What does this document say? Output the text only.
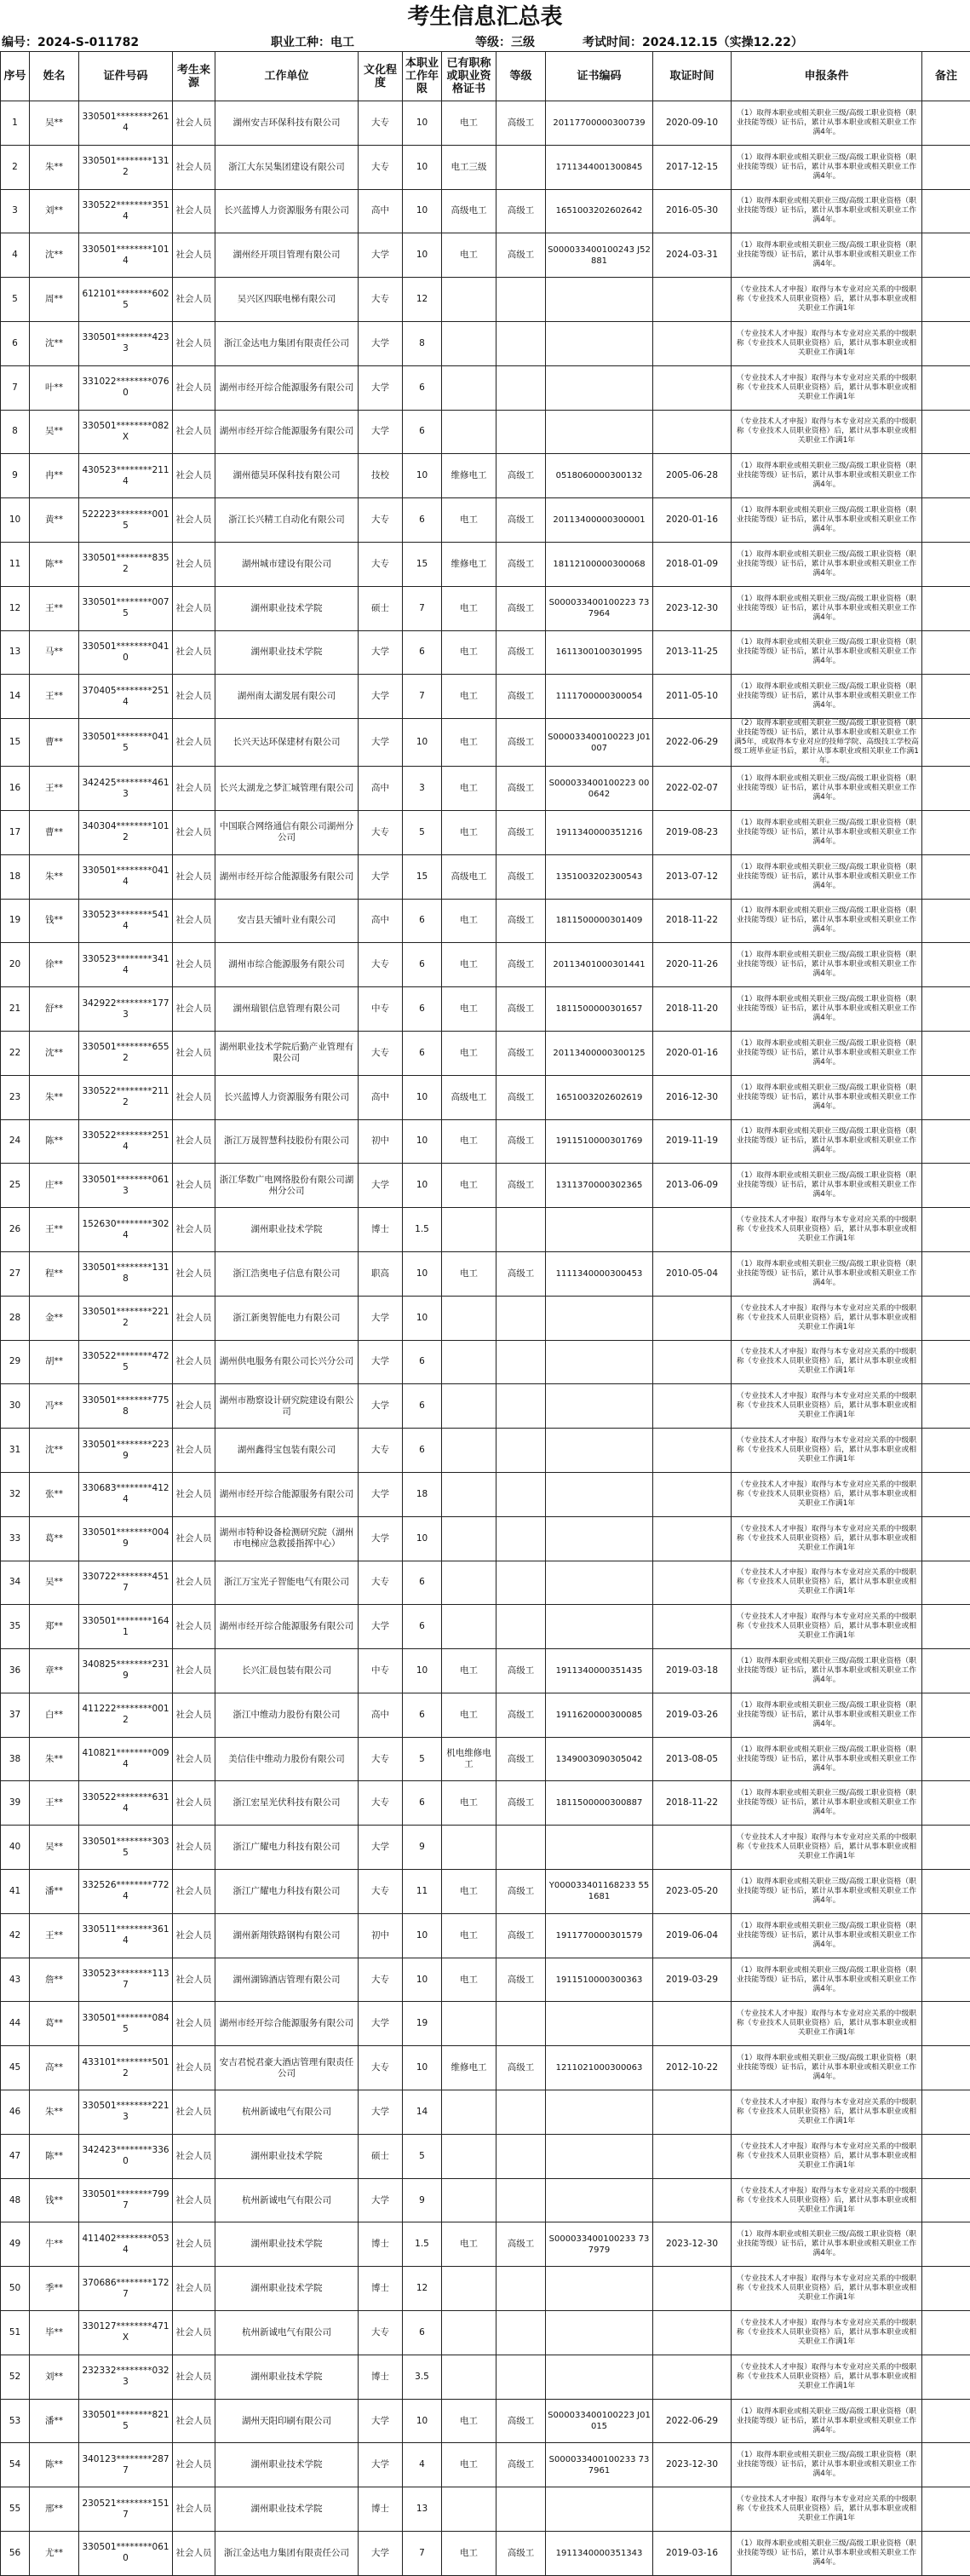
考生信息汇总表
编号：2024-S-011782	职业工种：电工	等级：三级	考试时间：2024.12.15（实操12.22）
序号	姓名	证件号码	考生来源	工作单位	文化程度	本职业工作年限	已有职称或职业资格证书	等级	证书编码	取证时间	申报条件	备注
1	吴**	330501********2614	社会人员	湖州安吉环保科技有限公司	大专	10	电工	高级工	20117700000300739	2020-09-10	（1）取得本职业或相关职业三级/高级工职业资格（职业技能等级）证书后，累计从事本职业或相关职业工作满4年。	
2	朱**	330501********1312	社会人员	浙江大东吴集团建设有限公司	大专	10	电工三级		1711344001300845	2017-12-15	（1）取得本职业或相关职业三级/高级工职业资格（职业技能等级）证书后，累计从事本职业或相关职业工作满4年。	
3	刘**	330522********3514	社会人员	长兴蓝博人力资源服务有限公司	高中	10	高级电工	高级工	1651003202602642	2016-05-30	（1）取得本职业或相关职业三级/高级工职业资格（职业技能等级）证书后，累计从事本职业或相关职业工作满4年。	
4	沈**	330501********1014	社会人员	湖州经开项目管理有限公司	大学	10	电工	高级工	S000033400100243 J52881	2024-03-31	（1）取得本职业或相关职业三级/高级工职业资格（职业技能等级）证书后，累计从事本职业或相关职业工作满4年。	
5	周**	612101********6025	社会人员	吴兴区四联电梯有限公司	大专	12					（专业技术人才申报）取得与本专业对应关系的中级职称（专业技术人员职业资格）后，累计从事本职业或相关职业工作满1年	
6	沈**	330501********4233	社会人员	浙江金达电力集团有限责任公司	大学	8					（专业技术人才申报）取得与本专业对应关系的中级职称（专业技术人员职业资格）后，累计从事本职业或相关职业工作满1年	
7	叶**	331022********0760	社会人员	湖州市经开综合能源服务有限公司	大学	6					（专业技术人才申报）取得与本专业对应关系的中级职称（专业技术人员职业资格）后，累计从事本职业或相关职业工作满1年	
8	吴**	330501********082X	社会人员	湖州市经开综合能源服务有限公司	大学	6					（专业技术人才申报）取得与本专业对应关系的中级职称（专业技术人员职业资格）后，累计从事本职业或相关职业工作满1年	
9	冉**	430523********2114	社会人员	湖州德昊环保科技有限公司	技校	10	维修电工	高级工	0518060000300132	2005-06-28	（1）取得本职业或相关职业三级/高级工职业资格（职业技能等级）证书后，累计从事本职业或相关职业工作满4年。	
10	黄**	522223********0015	社会人员	浙江长兴精工自动化有限公司	大专	6	电工	高级工	20113400000300001	2020-01-16	（1）取得本职业或相关职业三级/高级工职业资格（职业技能等级）证书后，累计从事本职业或相关职业工作满4年。	
11	陈**	330501********8352	社会人员	湖州城市建设有限公司	大专	15	维修电工	高级工	18112100000300068	2018-01-09	（1）取得本职业或相关职业三级/高级工职业资格（职业技能等级）证书后，累计从事本职业或相关职业工作满4年。	
12	王**	330501********0075	社会人员	湖州职业技术学院	硕士	7	电工	高级工	S000033400100223 737964	2023-12-30	（1）取得本职业或相关职业三级/高级工职业资格（职业技能等级）证书后，累计从事本职业或相关职业工作满4年。	
13	马**	330501********0410	社会人员	湖州职业技术学院	大学	6	电工	高级工	1611300100301995	2013-11-25	（1）取得本职业或相关职业三级/高级工职业资格（职业技能等级）证书后，累计从事本职业或相关职业工作满4年。	
14	王**	370405********2514	社会人员	湖州南太湖发展有限公司	大学	7	电工	高级工	1111700000300054	2011-05-10	（1）取得本职业或相关职业三级/高级工职业资格（职业技能等级）证书后，累计从事本职业或相关职业工作满4年。	
15	曹**	330501********0415	社会人员	长兴天达环保建材有限公司	大学	10	电工	高级工	S000033400100223 J01007	2022-06-29	（2）取得本职业或相关职业三级/高级工职业资格（职业技能等级）证书后，累计从事本职业或相关职业工作满5年，或取得本专业对应的技师学院、高级技工学校高级工班毕业证书后，累计从事本职业或相关职业工作满1年。	
16	王**	342425********4613	社会人员	长兴太湖龙之梦汇城管理有限公司	高中	3	电工	高级工	S000033400100223 000642	2022-02-07	（1）取得本职业或相关职业三级/高级工职业资格（职业技能等级）证书后，累计从事本职业或相关职业工作满4年。	
17	曹**	340304********1012	社会人员	中国联合网络通信有限公司湖州分公司	大专	5	电工	高级工	1911340000351216	2019-08-23	（1）取得本职业或相关职业三级/高级工职业资格（职业技能等级）证书后，累计从事本职业或相关职业工作满4年。	
18	朱**	330501********0414	社会人员	湖州市经开综合能源服务有限公司	大学	15	高级电工	高级工	1351003202300543	2013-07-12	（1）取得本职业或相关职业三级/高级工职业资格（职业技能等级）证书后，累计从事本职业或相关职业工作满4年。	
19	钱**	330523********5414	社会人员	安吉县天铺叶业有限公司	高中	6	电工	高级工	1811500000301409	2018-11-22	（1）取得本职业或相关职业三级/高级工职业资格（职业技能等级）证书后，累计从事本职业或相关职业工作满4年。	
20	徐**	330523********3414	社会人员	湖州市综合能源服务有限公司	大专	6	电工	高级工	20113401000301441	2020-11-26	（1）取得本职业或相关职业三级/高级工职业资格（职业技能等级）证书后，累计从事本职业或相关职业工作满4年。	
21	舒**	342922********1773	社会人员	湖州瑞银信息管理有限公司	中专	6	电工	高级工	1811500000301657	2018-11-20	（1）取得本职业或相关职业三级/高级工职业资格（职业技能等级）证书后，累计从事本职业或相关职业工作满4年。	
22	沈**	330501********6552	社会人员	湖州职业技术学院后勤产业管理有限公司	大专	6	电工	高级工	20113400000300125	2020-01-16	（1）取得本职业或相关职业三级/高级工职业资格（职业技能等级）证书后，累计从事本职业或相关职业工作满4年。	
23	朱**	330522********2112	社会人员	长兴蓝博人力资源服务有限公司	高中	10	高级电工	高级工	1651003202602619	2016-12-30	（1）取得本职业或相关职业三级/高级工职业资格（职业技能等级）证书后，累计从事本职业或相关职业工作满4年。	
24	陈**	330522********2514	社会人员	浙江万晟智慧科技股份有限公司	初中	10	电工	高级工	1911510000301769	2019-11-19	（1）取得本职业或相关职业三级/高级工职业资格（职业技能等级）证书后，累计从事本职业或相关职业工作满4年。	
25	庄**	330501********0613	社会人员	浙江华数广电网络股份有限公司湖州分公司	大学	10	电工	高级工	1311370000302365	2013-06-09	（1）取得本职业或相关职业三级/高级工职业资格（职业技能等级）证书后，累计从事本职业或相关职业工作满4年。	
26	王**	152630********3024	社会人员	湖州职业技术学院	博士	1.5					（专业技术人才申报）取得与本专业对应关系的中级职称（专业技术人员职业资格）后，累计从事本职业或相关职业工作满1年	
27	程**	330501********1318	社会人员	浙江浩奥电子信息有限公司	职高	10	电工	高级工	1111340000300453	2010-05-04	（1）取得本职业或相关职业三级/高级工职业资格（职业技能等级）证书后，累计从事本职业或相关职业工作满4年。	
28	金**	330501********2212	社会人员	浙江新奥智能电力有限公司	大学	10					（专业技术人才申报）取得与本专业对应关系的中级职称（专业技术人员职业资格）后，累计从事本职业或相关职业工作满1年	
29	胡**	330522********4725	社会人员	湖州供电服务有限公司长兴分公司	大学	6					（专业技术人才申报）取得与本专业对应关系的中级职称（专业技术人员职业资格）后，累计从事本职业或相关职业工作满1年	
30	冯**	330501********7758	社会人员	湖州市勘察设计研究院建设有限公司	大学	6					（专业技术人才申报）取得与本专业对应关系的中级职称（专业技术人员职业资格）后，累计从事本职业或相关职业工作满1年	
31	沈**	330501********2239	社会人员	湖州鑫得宝包装有限公司	大专	6					（专业技术人才申报）取得与本专业对应关系的中级职称（专业技术人员职业资格）后，累计从事本职业或相关职业工作满1年	
32	张**	330683********4124	社会人员	湖州市经开综合能源服务有限公司	大学	18					（专业技术人才申报）取得与本专业对应关系的中级职称（专业技术人员职业资格）后，累计从事本职业或相关职业工作满1年	
33	葛**	330501********0049	社会人员	湖州市特种设备检测研究院（湖州市电梯应急救援指挥中心）	大学	10					（专业技术人才申报）取得与本专业对应关系的中级职称（专业技术人员职业资格）后，累计从事本职业或相关职业工作满1年	
34	吴**	330722********4517	社会人员	浙江万宝光子智能电气有限公司	大专	6					（专业技术人才申报）取得与本专业对应关系的中级职称（专业技术人员职业资格）后，累计从事本职业或相关职业工作满1年	
35	郑**	330501********1641	社会人员	湖州市经开综合能源服务有限公司	大学	6					（专业技术人才申报）取得与本专业对应关系的中级职称（专业技术人员职业资格）后，累计从事本职业或相关职业工作满1年	
36	章**	340825********2319	社会人员	长兴汇晨包装有限公司	中专	10	电工	高级工	1911340000351435	2019-03-18	（1）取得本职业或相关职业三级/高级工职业资格（职业技能等级）证书后，累计从事本职业或相关职业工作满4年。	
37	白**	411222********0012	社会人员	浙江中维动力股份有限公司	高中	6	电工	高级工	1911620000300085	2019-03-26	（1）取得本职业或相关职业三级/高级工职业资格（职业技能等级）证书后，累计从事本职业或相关职业工作满4年。	
38	朱**	410821********0094	社会人员	美信佳中维动力股份有限公司	大专	5	机电维修电工	高级工	1349003090305042	2013-08-05	（1）取得本职业或相关职业三级/高级工职业资格（职业技能等级）证书后，累计从事本职业或相关职业工作满4年。	
39	王**	330522********6314	社会人员	浙江宏星光伏科技有限公司	大专	6	电工	高级工	1811500000300887	2018-11-22	（1）取得本职业或相关职业三级/高级工职业资格（职业技能等级）证书后，累计从事本职业或相关职业工作满4年。	
40	吴**	330501********3035	社会人员	浙江广耀电力科技有限公司	大学	9					（专业技术人才申报）取得与本专业对应关系的中级职称（专业技术人员职业资格）后，累计从事本职业或相关职业工作满1年	
41	潘**	332526********7724	社会人员	浙江广耀电力科技有限公司	大专	11	电工	高级工	Y000033401168233 551681	2023-05-20	（1）取得本职业或相关职业三级/高级工职业资格（职业技能等级）证书后，累计从事本职业或相关职业工作满4年。	
42	王**	330511********3614	社会人员	湖州新翔铁路钢构有限公司	初中	10	电工	高级工	1911770000301579	2019-06-04	（1）取得本职业或相关职业三级/高级工职业资格（职业技能等级）证书后，累计从事本职业或相关职业工作满4年。	
43	詹**	330523********1137	社会人员	湖州湖锦酒店管理有限公司	大专	10	电工	高级工	1911510000300363	2019-03-29	（1）取得本职业或相关职业三级/高级工职业资格（职业技能等级）证书后，累计从事本职业或相关职业工作满4年。	
44	葛**	330501********0845	社会人员	湖州市经开综合能源服务有限公司	大学	19					（专业技术人才申报）取得与本专业对应关系的中级职称（专业技术人员职业资格）后，累计从事本职业或相关职业工作满1年	
45	高**	433101********5012	社会人员	安吉君悦君豪大酒店管理有限责任公司	大专	10	维修电工	高级工	1211021000300063	2012-10-22	（1）取得本职业或相关职业三级/高级工职业资格（职业技能等级）证书后，累计从事本职业或相关职业工作满4年。	
46	朱**	330501********2213	社会人员	杭州新诚电气有限公司	大学	14					（专业技术人才申报）取得与本专业对应关系的中级职称（专业技术人员职业资格）后，累计从事本职业或相关职业工作满1年	
47	陈**	342423********3360	社会人员	湖州职业技术学院	硕士	5					（专业技术人才申报）取得与本专业对应关系的中级职称（专业技术人员职业资格）后，累计从事本职业或相关职业工作满1年	
48	钱**	330501********7997	社会人员	杭州新诚电气有限公司	大学	9					（专业技术人才申报）取得与本专业对应关系的中级职称（专业技术人员职业资格）后，累计从事本职业或相关职业工作满1年	
49	牛**	411402********0534	社会人员	湖州职业技术学院	博士	1.5	电工	高级工	S000033400100233 737979	2023-12-30	（1）取得本职业或相关职业三级/高级工职业资格（职业技能等级）证书后，累计从事本职业或相关职业工作满4年。	
50	季**	370686********1727	社会人员	湖州职业技术学院	博士	12					（专业技术人才申报）取得与本专业对应关系的中级职称（专业技术人员职业资格）后，累计从事本职业或相关职业工作满1年	
51	毕**	330127********471X	社会人员	杭州新诚电气有限公司	大专	6					（专业技术人才申报）取得与本专业对应关系的中级职称（专业技术人员职业资格）后，累计从事本职业或相关职业工作满1年	
52	刘**	232332********0323	社会人员	湖州职业技术学院	博士	3.5					（专业技术人才申报）取得与本专业对应关系的中级职称（专业技术人员职业资格）后，累计从事本职业或相关职业工作满1年	
53	潘**	330501********8215	社会人员	湖州天阳印刷有限公司	大学	10	电工	高级工	S000033400100223 J01015	2022-06-29	（1）取得本职业或相关职业三级/高级工职业资格（职业技能等级）证书后，累计从事本职业或相关职业工作满4年。	
54	陈**	340123********2877	社会人员	湖州职业技术学院	大学	4	电工	高级工	S000033400100233 737961	2023-12-30	（1）取得本职业或相关职业三级/高级工职业资格（职业技能等级）证书后，累计从事本职业或相关职业工作满4年。	
55	邢**	230521********1517	社会人员	湖州职业技术学院	博士	13					（专业技术人才申报）取得与本专业对应关系的中级职称（专业技术人员职业资格）后，累计从事本职业或相关职业工作满1年	
56	尤**	330501********0610	社会人员	浙江金达电力集团有限责任公司	大学	7	电工	高级工	1911340000351343	2019-03-16	（1）取得本职业或相关职业三级/高级工职业资格（职业技能等级）证书后，累计从事本职业或相关职业工作满4年。	
